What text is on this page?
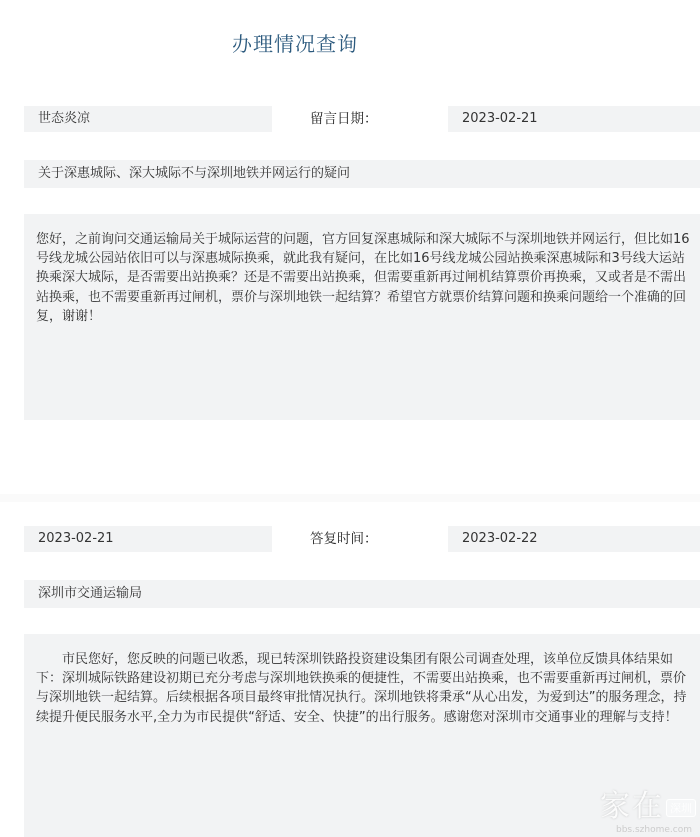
办理情况查询
世态炎凉	留言日期：	2023-02-21
关于深惠城际、深大城际不与深圳地铁并网运行的疑问
您好，之前询问交通运输局关于城际运营的问题，官方回复深惠城际和深大城际不与深圳地铁并网运行，但比如16号线龙城公园站依旧可以与深惠城际换乘，就此我有疑问，在比如16号线龙城公园站换乘深惠城际和3号线大运站换乘深大城际，是否需要出站换乘？还是不需要出站换乘，但需要重新再过闸机结算票价再换乘，又或者是不需出站换乘，也不需要重新再过闸机，票价与深圳地铁一起结算？希望官方就票价结算问题和换乘问题给一个准确的回复，谢谢！
2023-02-21	答复时间：	2023-02-22
深圳市交通运输局
市民您好，您反映的问题已收悉，现已转深圳铁路投资建设集团有限公司调查处理，该单位反馈具体结果如下：深圳城际铁路建设初期已充分考虑与深圳地铁换乘的便捷性，不需要出站换乘，也不需要重新再过闸机，票价与深圳地铁一起结算。后续根据各项目最终审批情况执行。深圳地铁将秉承“从心出发，为爱到达”的服务理念，持续提升便民服务水平,全力为市民提供“舒适、安全、快捷”的出行服务。感谢您对深圳市交通事业的理解与支持！
家在 深圳
bbs.szhome.com
